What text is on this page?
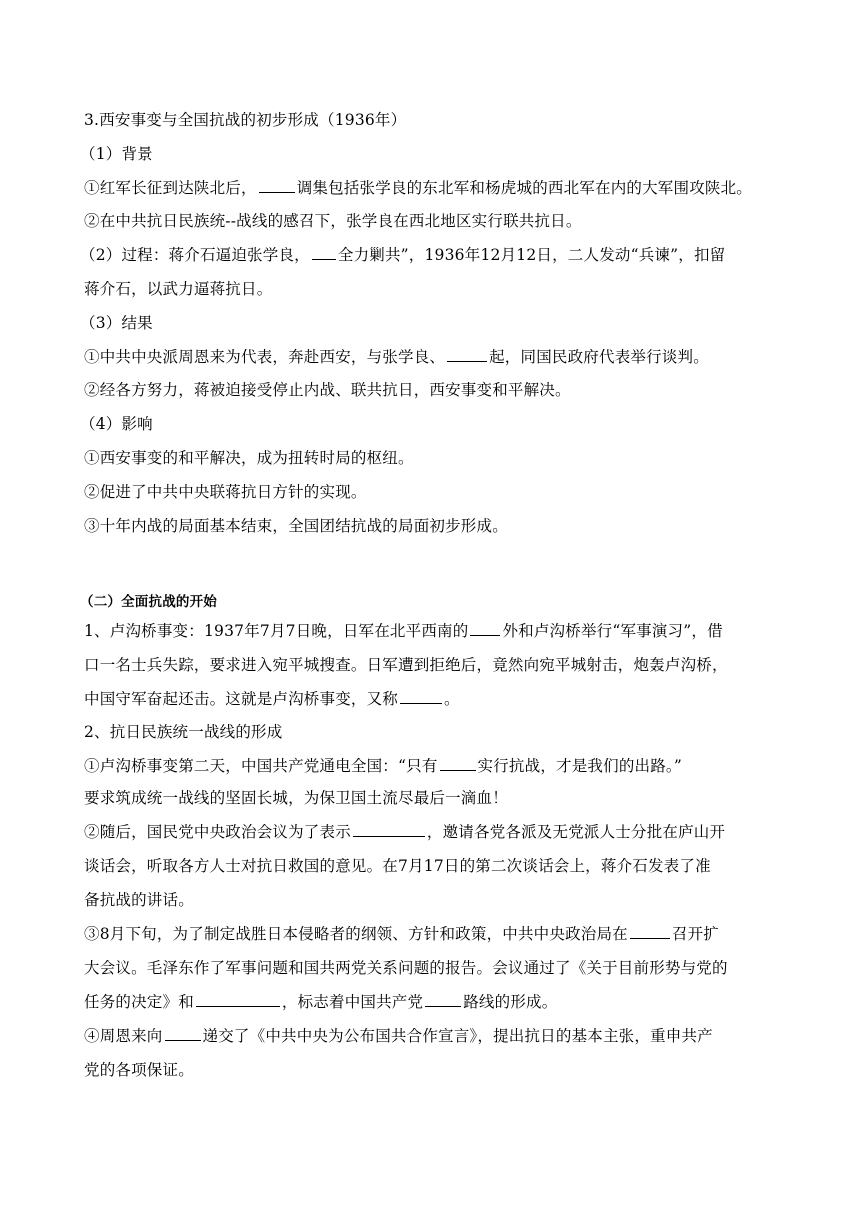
3.西安事变与全国抗战的初步形成（1936年）

（1）背景

①红军长征到达陕北后，	调集包括张学良的东北军和杨虎城的西北军在内的大军围攻陕北。

②在中共抗日民族统--战线的感召下，张学良在西北地区实行联共抗日。

（2）过程：蒋介石逼迫张学良， 全力剿共”，1936年12月12日，二人发动“兵谏”，扣留

蒋介石，以武力逼蒋抗日。

（3）结果

①中共中央派周恩来为代表，奔赴西安，与张学良、	起，同国民政府代表举行谈判。

②经各方努力，蒋被迫接受停止内战、联共抗日，西安事变和平解决。

（4）影响

①西安事变的和平解决，成为扭转时局的枢纽。

②促进了中共中央联蒋抗日方针的实现。

③十年内战的局面基本结束，全国团结抗战的局面初步形成。

（二）全面抗战的开始

1、卢沟桥事变：1937年7月7日晚，日军在北平西南的 外和卢沟桥举行“军事演习”，借

口一名士兵失踪，要求进入宛平城搜查。日军遭到拒绝后，竟然向宛平城射击，炮轰卢沟桥，

中国守军奋起还击。这就是卢沟桥事变，又称	。

2、抗日民族统一战线的形成

①卢沟桥事变第二天，中国共产党通电全国：“只有	实行抗战，才是我们的出路。”

要求筑成统一战线的坚固长城，为保卫国土流尽最后一滴血！

②随后，国民党中央政治会议为了表示	，邀请各党各派及无党派人士分批在庐山开

谈话会，听取各方人士对抗日救国的意见。在7月17日的第二次谈话会上，蒋介石发表了准

备抗战的讲话。

③8月下旬，为了制定战胜日本侵略者的纲领、方针和政策，中共中央政治局在	召开扩

大会议。毛泽东作了军事问题和国共两党关系问题的报告。会议通过了《关于目前形势与党的

任务的决定》和	，标志着中国共产党	路线的形成。

④周恩来向	递交了《中共中央为公布国共合作宣言》，提出抗日的基本主张，重申共产

党的各项保证。
